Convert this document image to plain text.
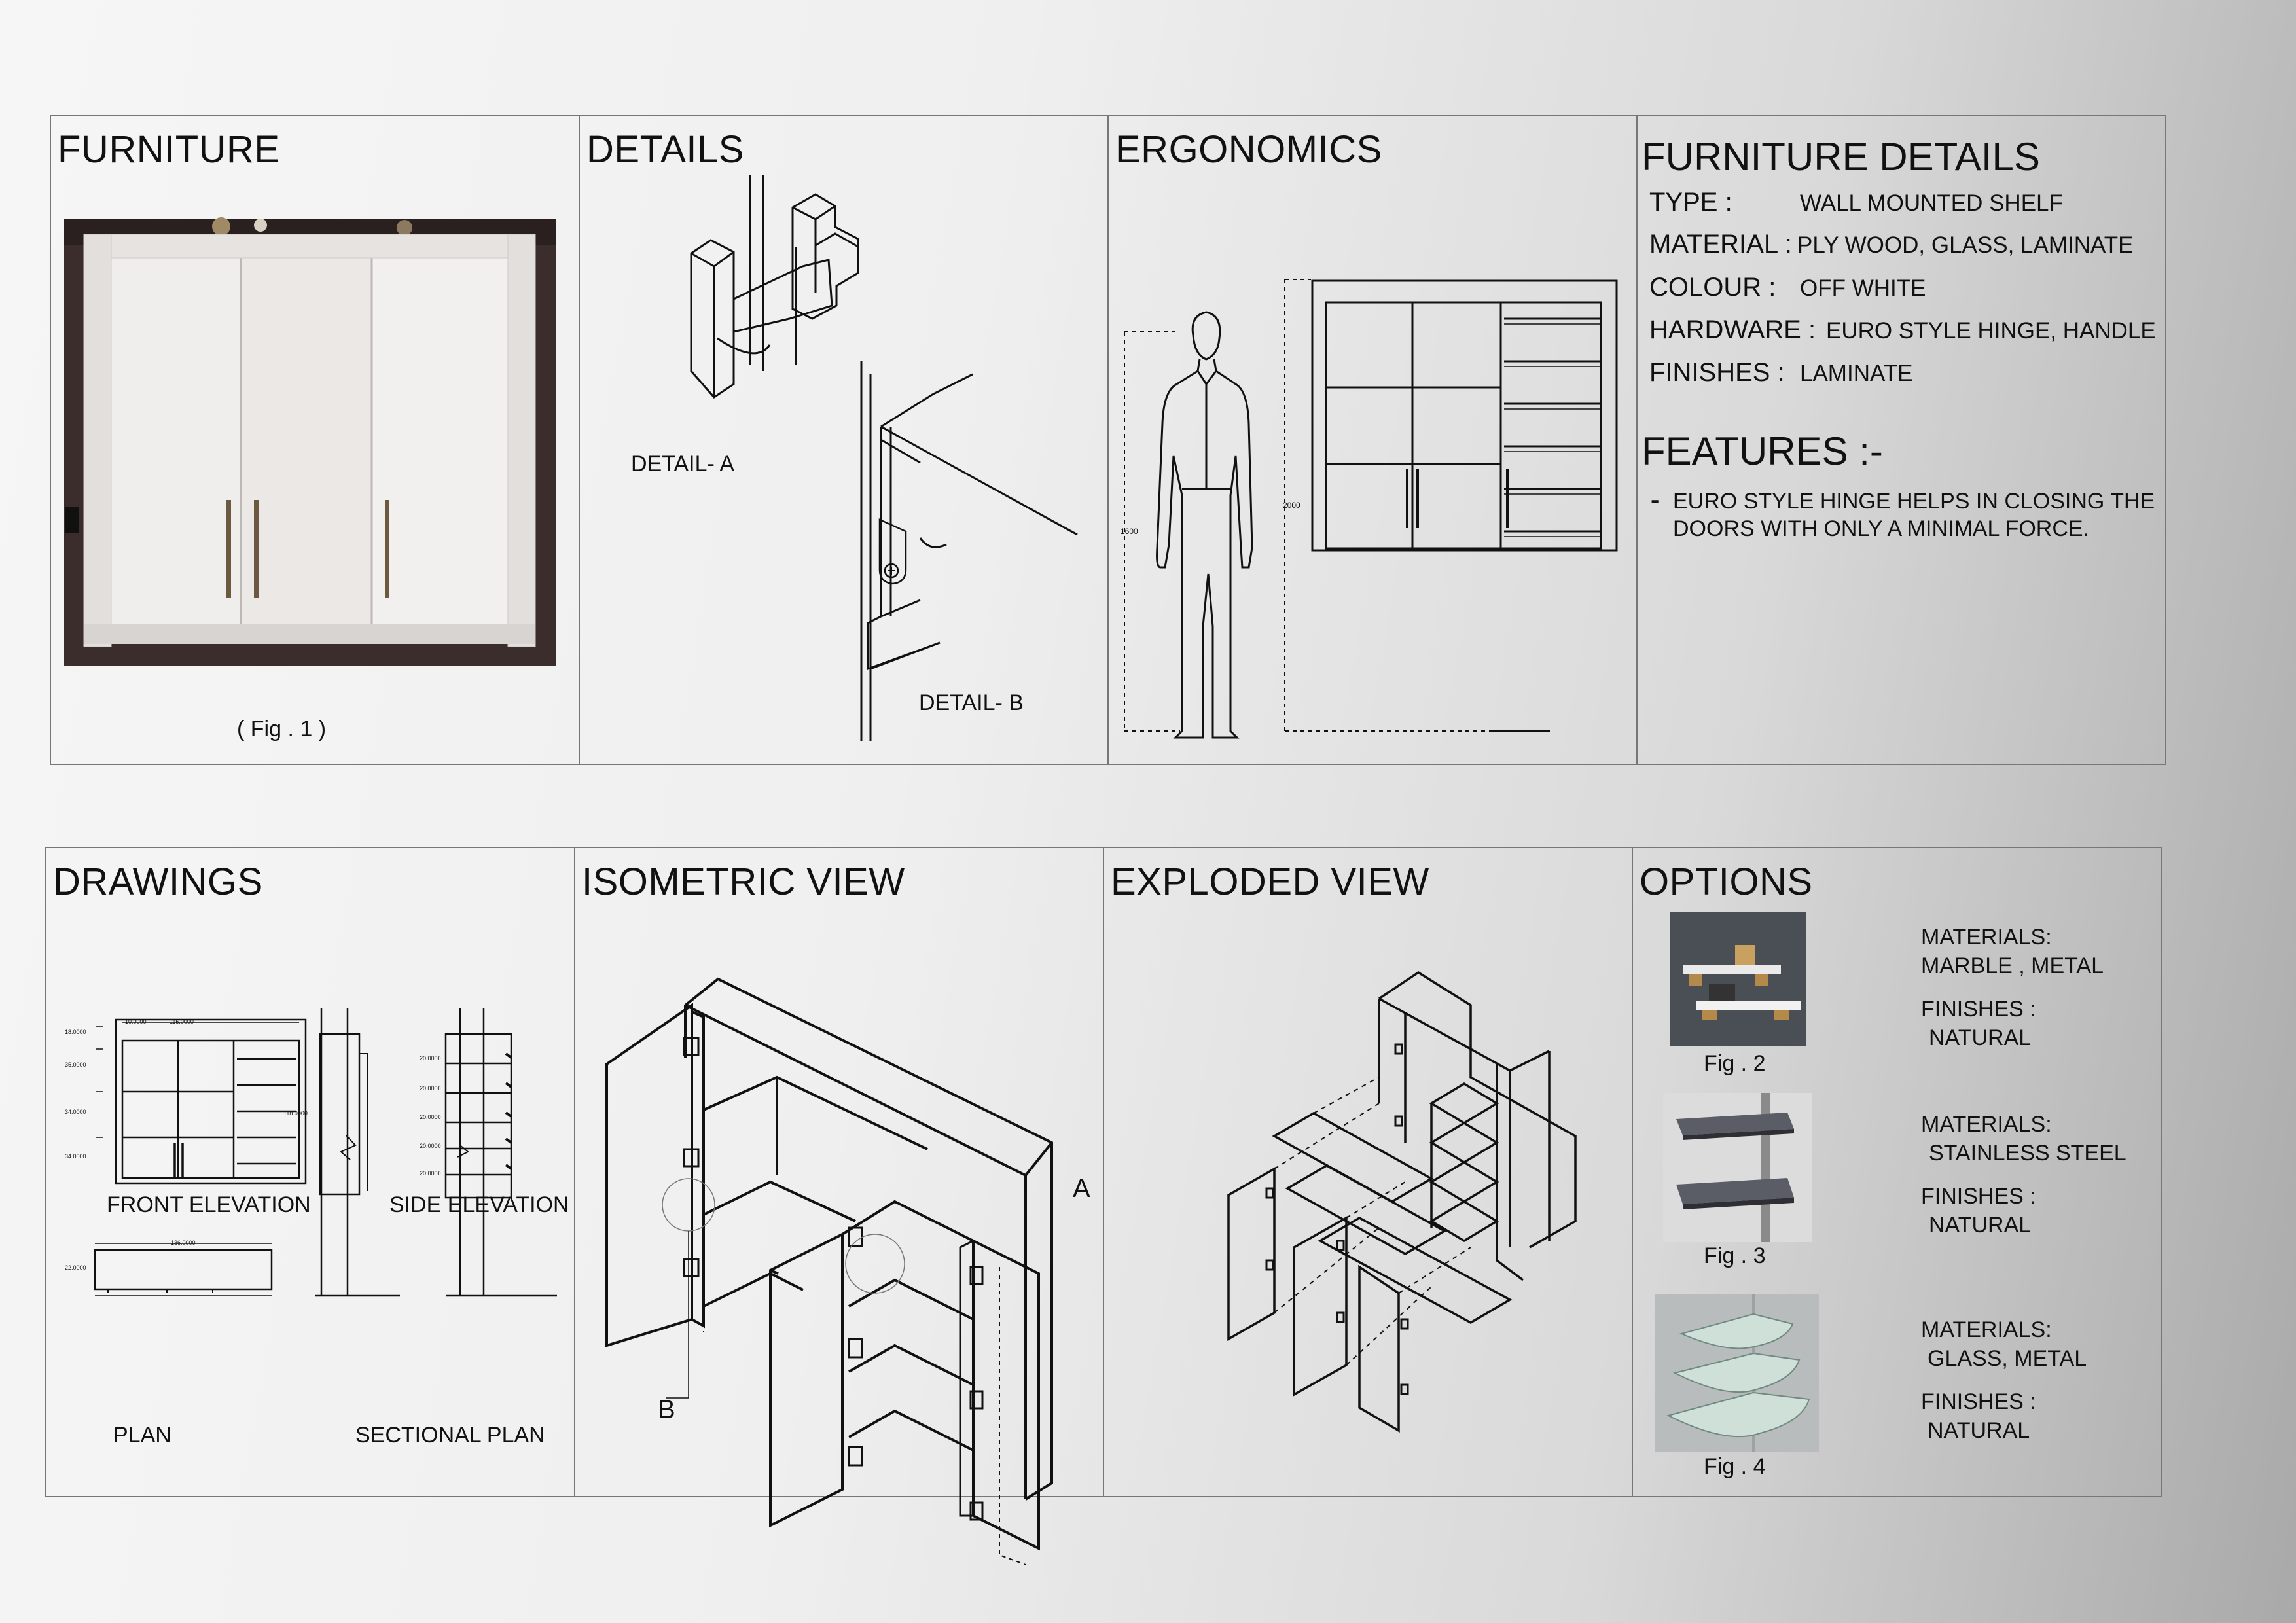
FURNITURE
( Fig . 1 )
DETAILS
DETAIL- A
DETAIL- B
ERGONOMICS
1600
2000
FURNITURE DETAILS
TYPE :	WALL MOUNTED SHELF
MATERIAL : PLY WOOD, GLASS, LAMINATE
COLOUR : OFF WHITE
HARDWARE : EURO STYLE HINGE, HANDLE
FINISHES : LAMINATE
FEATURES :-
- EURO STYLE HINGE HELPS IN CLOSING THE
DOORS WITH ONLY A MINIMAL FORCE.
DRAWINGS
10.0000	115.0000
18.0000
35.0000
34.0000
34.0000
FRONT ELEVATION
118.0000
SIDE ELEVATION
20.0000
20.0000
20.0000
20.0000
20.0000
136.0000
22.0000
PLAN	SECTIONAL PLAN
ISOMETRIC VIEW
A
B
EXPLODED VIEW	OPTIONS
Fig . 2
MATERIALS:
MARBLE , METAL
FINISHES :
NATURAL
Fig . 3
MATERIALS:
STAINLESS STEEL
FINISHES :
NATURAL
Fig . 4
MATERIALS:
GLASS, METAL
FINISHES :
NATURAL
